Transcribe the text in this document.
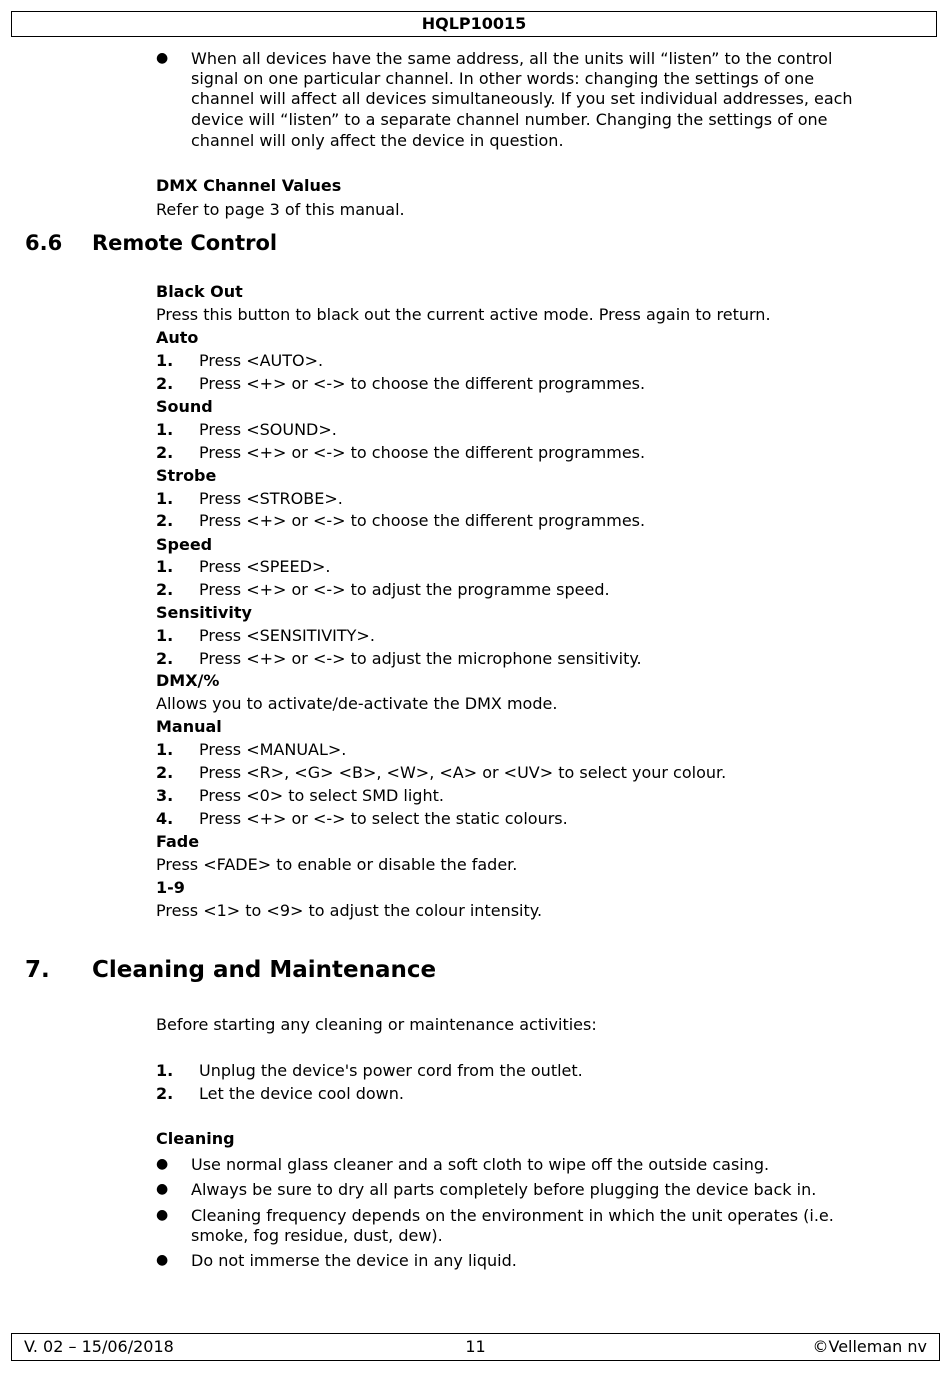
HQLP10015
● When all devices have the same address, all the units will “listen” to the control
signal on one particular channel. In other words: changing the settings of one
channel will affect all devices simultaneously. If you set individual addresses, each
device will “listen” to a separate channel number. Changing the settings of one
channel will only affect the device in question.
DMX Channel Values
Refer to page 3 of this manual.
6.6 Remote Control
Black Out
Press this button to black out the current active mode. Press again to return.
Auto
1. Press <AUTO>.
2. Press <+> or <-> to choose the different programmes.
Sound
1. Press <SOUND>.
2. Press <+> or <-> to choose the different programmes.
Strobe
1. Press <STROBE>.
2. Press <+> or <-> to choose the different programmes.
Speed
1. Press <SPEED>.
2. Press <+> or <-> to adjust the programme speed.
Sensitivity
1. Press <SENSITIVITY>.
2. Press <+> or <-> to adjust the microphone sensitivity.
DMX/%
Allows you to activate/de-activate the DMX mode.
Manual
1. Press <MANUAL>.
2. Press <R>, <G> <B>, <W>, <A> or <UV> to select your colour.
3. Press <0> to select SMD light.
4. Press <+> or <-> to select the static colours.
Fade
Press <FADE> to enable or disable the fader.
1-9
Press <1> to <9> to adjust the colour intensity.
7. Cleaning and Maintenance
Before starting any cleaning or maintenance activities:
1. Unplug the device's power cord from the outlet.
2. Let the device cool down.
Cleaning
● Use normal glass cleaner and a soft cloth to wipe off the outside casing.
● Always be sure to dry all parts completely before plugging the device back in.
● Cleaning frequency depends on the environment in which the unit operates (i.e.
smoke, fog residue, dust, dew).
● Do not immerse the device in any liquid.
V. 02 – 15/06/2018	11	©Velleman nv
